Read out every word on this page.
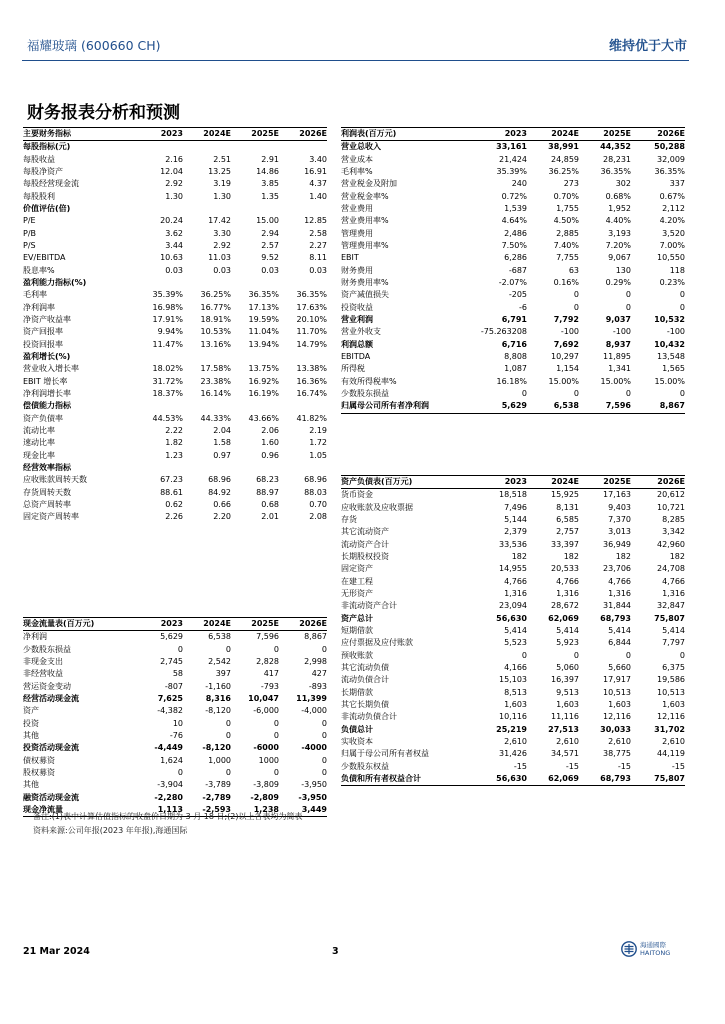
福耀玻璃 (600660 CH)	维持优于大市
财务报表分析和预测
主要财务指标	2023	2024E	2025E	2026E
每股指标(元)				
每股收益	2.16	2.51	2.91	3.40
每股净资产	12.04	13.25	14.86	16.91
每股经营现金流	2.92	3.19	3.85	4.37
每股股利	1.30	1.30	1.35	1.40
价值评估(倍)				
P/E	20.24	17.42	15.00	12.85
P/B	3.62	3.30	2.94	2.58
P/S	3.44	2.92	2.57	2.27
EV/EBITDA	10.63	11.03	9.52	8.11
股息率%	0.03	0.03	0.03	0.03
盈利能力指标(%)				
毛利率	35.39%	36.25%	36.35%	36.35%
净利润率	16.98%	16.77%	17.13%	17.63%
净资产收益率	17.91%	18.91%	19.59%	20.10%
资产回报率	9.94%	10.53%	11.04%	11.70%
投资回报率	11.47%	13.16%	13.94%	14.79%
盈利增长(%)				
营业收入增长率	18.02%	17.58%	13.75%	13.38%
EBIT 增长率	31.72%	23.38%	16.92%	16.36%
净利润增长率	18.37%	16.14%	16.19%	16.74%
偿债能力指标				
资产负债率	44.53%	44.33%	43.66%	41.82%
流动比率	2.22	2.04	2.06	2.19
速动比率	1.82	1.58	1.60	1.72
现金比率	1.23	0.97	0.96	1.05
经营效率指标				
应收账款周转天数	67.23	68.96	68.23	68.96
存货周转天数	88.61	84.92	88.97	88.03
总资产周转率	0.62	0.66	0.68	0.70
固定资产周转率	2.26	2.20	2.01	2.08
利润表(百万元)	2023	2024E	2025E	2026E
营业总收入	33,161	38,991	44,352	50,288
营业成本	21,424	24,859	28,231	32,009
毛利率%	35.39%	36.25%	36.35%	36.35%
营业税金及附加	240	273	302	337
营业税金率%	0.72%	0.70%	0.68%	0.67%
营业费用	1,539	1,755	1,952	2,112
营业费用率%	4.64%	4.50%	4.40%	4.20%
管理费用	2,486	2,885	3,193	3,520
管理费用率%	7.50%	7.40%	7.20%	7.00%
EBIT	6,286	7,755	9,067	10,550
财务费用	-687	63	130	118
财务费用率%	-2.07%	0.16%	0.29%	0.23%
资产减值损失	-205	0	0	0
投资收益	-6	0	0	0
营业利润	6,791	7,792	9,037	10,532
营业外收支	-75.263208	-100	-100	-100
利润总额	6,716	7,692	8,937	10,432
EBITDA	8,808	10,297	11,895	13,548
所得税	1,087	1,154	1,341	1,565
有效所得税率%	16.18%	15.00%	15.00%	15.00%
少数股东损益	0	0	0	0
归属母公司所有者净利润	5,629	6,538	7,596	8,867
资产负债表(百万元)	2023	2024E	2025E	2026E
货币资金	18,518	15,925	17,163	20,612
应收账款及应收票据	7,496	8,131	9,403	10,721
存货	5,144	6,585	7,370	8,285
其它流动资产	2,379	2,757	3,013	3,342
流动资产合计	33,536	33,397	36,949	42,960
长期股权投资	182	182	182	182
固定资产	14,955	20,533	23,706	24,708
在建工程	4,766	4,766	4,766	4,766
无形资产	1,316	1,316	1,316	1,316
非流动资产合计	23,094	28,672	31,844	32,847
资产总计	56,630	62,069	68,793	75,807
短期借款	5,414	5,414	5,414	5,414
应付票据及应付账款	5,523	5,923	6,844	7,797
预收账款	0	0	0	0
其它流动负债	4,166	5,060	5,660	6,375
流动负债合计	15,103	16,397	17,917	19,586
长期借款	8,513	9,513	10,513	10,513
其它长期负债	1,603	1,603	1,603	1,603
非流动负债合计	10,116	11,116	12,116	12,116
负债总计	25,219	27,513	30,033	31,702
实收资本	2,610	2,610	2,610	2,610
归属于母公司所有者权益	31,426	34,571	38,775	44,119
少数股东权益	-15	-15	-15	-15
负债和所有者权益合计	56,630	62,069	68,793	75,807
现金流量表(百万元)	2023	2024E	2025E	2026E
净利润	5,629	6,538	7,596	8,867
少数股东损益	0	0	0	0
非现金支出	2,745	2,542	2,828	2,998
非经营收益	58	397	417	427
营运资金变动	-807	-1,160	-793	-893
经营活动现金流	7,625	8,316	10,047	11,399
资产	-4,382	-8,120	-6,000	-4,000
投资	10	0	0	0
其他	-76	0	0	0
投资活动现金流	-4,449	-8,120	-6000	-4000
债权募资	1,624	1,000	1000	0
股权募资	0	0	0	0
其他	-3,904	-3,789	-3,809	-3,950
融资活动现金流	-2,280	-2,789	-2,809	-3,950
现金净流量	1,113	-2,593	1,238	3,449
备注:(1)表中计算估值指标的收盘价日期为 3 月 18 日;(2)以上各表均为简表
资料来源:公司年报(2023 年年报),海通国际
21 Mar 2024	3
海通國際
HAITONG
